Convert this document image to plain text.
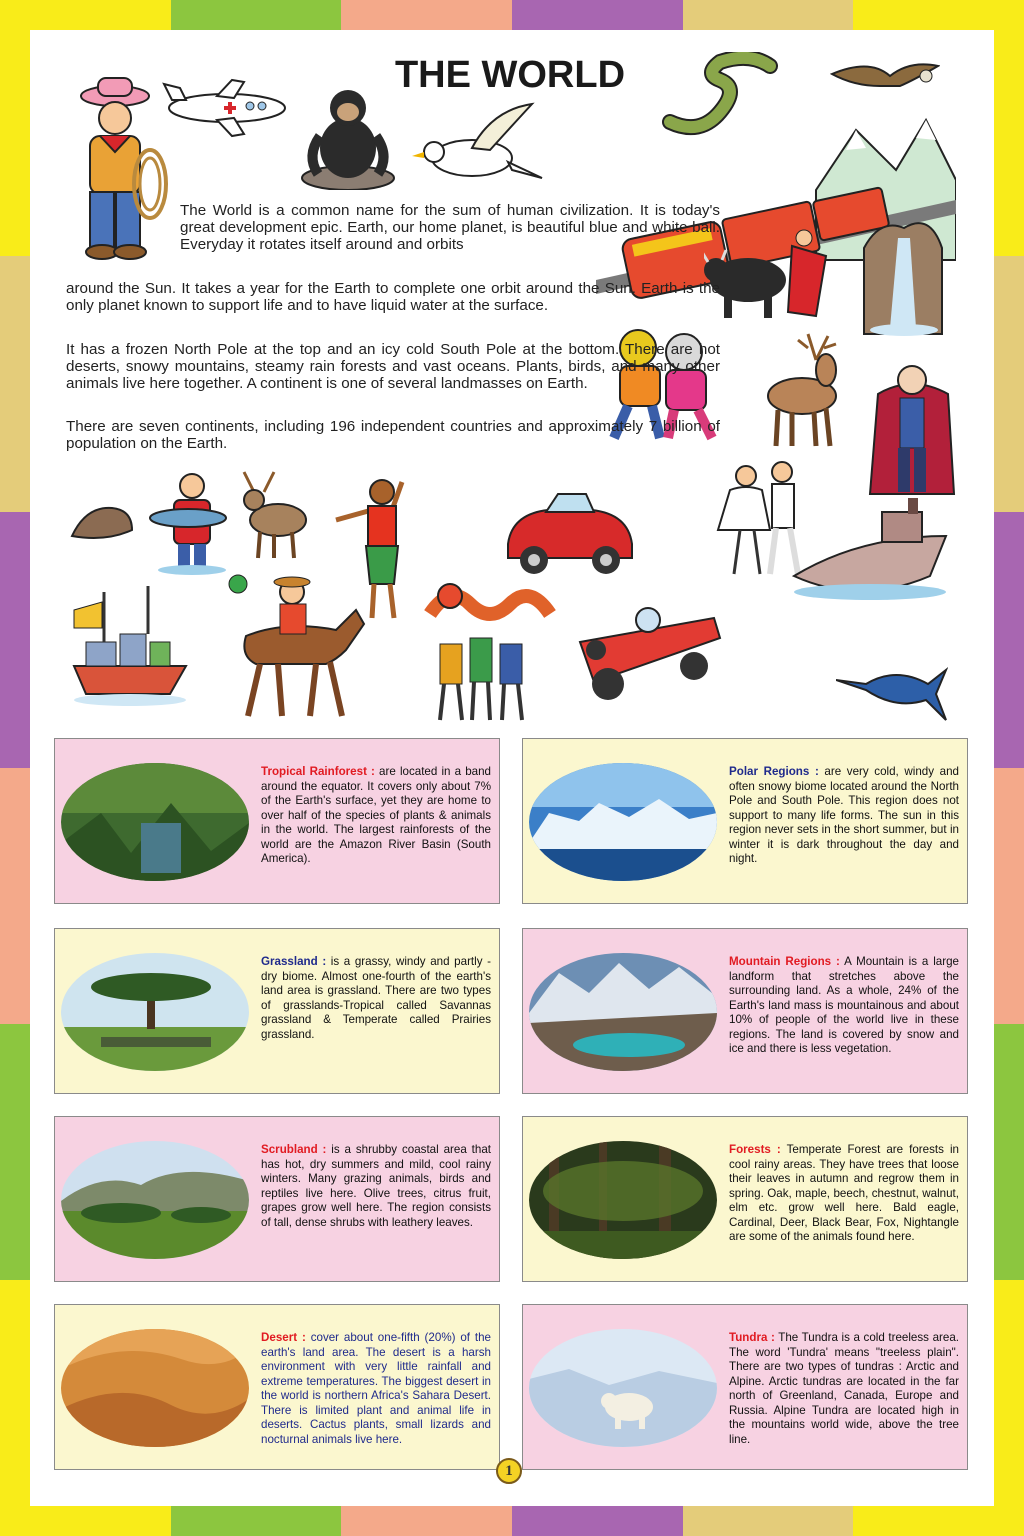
THE WORLD

The World is a common name for the sum of human civilization. It is today's great development epic. Earth, our home planet, is beautiful blue and white ball. Everyday it rotates itself around and orbits

around the Sun. It takes a year for the Earth to complete one orbit around the Sun. Earth is the only planet known to support life and to have liquid water at the surface.

It has a frozen North Pole at the top and an icy cold South Pole at the bottom. There are hot deserts, snowy mountains, steamy rain forests and vast oceans. Plants, birds, and many other animals live here together. A continent is one of several landmasses on Earth.

There are seven continents, including 196 independent countries and approximately 7 billion of population on the Earth.

Tropical Rainforest : are located in a band around the equator. It covers only about 7% of the Earth's surface, yet they are home to over half of the species of plants & animals in the world. The largest rainforests of the world are the Amazon River Basin (South America).

Polar Regions : are very cold, windy and often snowy biome located around the North Pole and South Pole. This region does not support to many life forms. The sun in this region never sets in the short summer, but in winter it is dark throughout the day and night.

Grassland : is a grassy, windy and partly - dry biome. Almost one-fourth of the earth's land area is grassland. There are two types of grasslands-Tropical called Savannas grassland & Temperate called Prairies grassland.

Mountain Regions : A Mountain is a large landform that stretches above the surrounding land. As a whole, 24% of the Earth's land mass is mountainous and about 10% of people of the world live in these regions. The land is covered by snow and ice and there is less vegetation.

Scrubland : is a shrubby coastal area that has hot, dry summers and mild, cool rainy winters. Many grazing animals, birds and reptiles live here. Olive trees, citrus fruit, grapes grow well here. The region consists of tall, dense shrubs with leathery leaves.

Forests : Temperate Forest are forests in cool rainy areas. They have trees that loose their leaves in autumn and regrow them in spring. Oak, maple, beech, chestnut, walnut, elm etc. grow well here. Bald eagle, Cardinal, Deer, Black Bear, Fox, Nightangle are some of the animals found here.

Desert : cover about one-fifth (20%) of the earth's land area. The desert is a harsh environment with very little rainfall and extreme temperatures. The biggest desert in the world is northern Africa's Sahara Desert. There is limited plant and animal life in deserts. Cactus plants, small lizards and nocturnal animals live here.

Tundra : The Tundra is a cold treeless area. The word 'Tundra' means "treeless plain". There are two types of tundras : Arctic and Alpine. Arctic tundras are located in the far north of Greenland, Canada, Europe and Russia. Alpine Tundra are located high in the mountains world wide, above the tree line.

1
